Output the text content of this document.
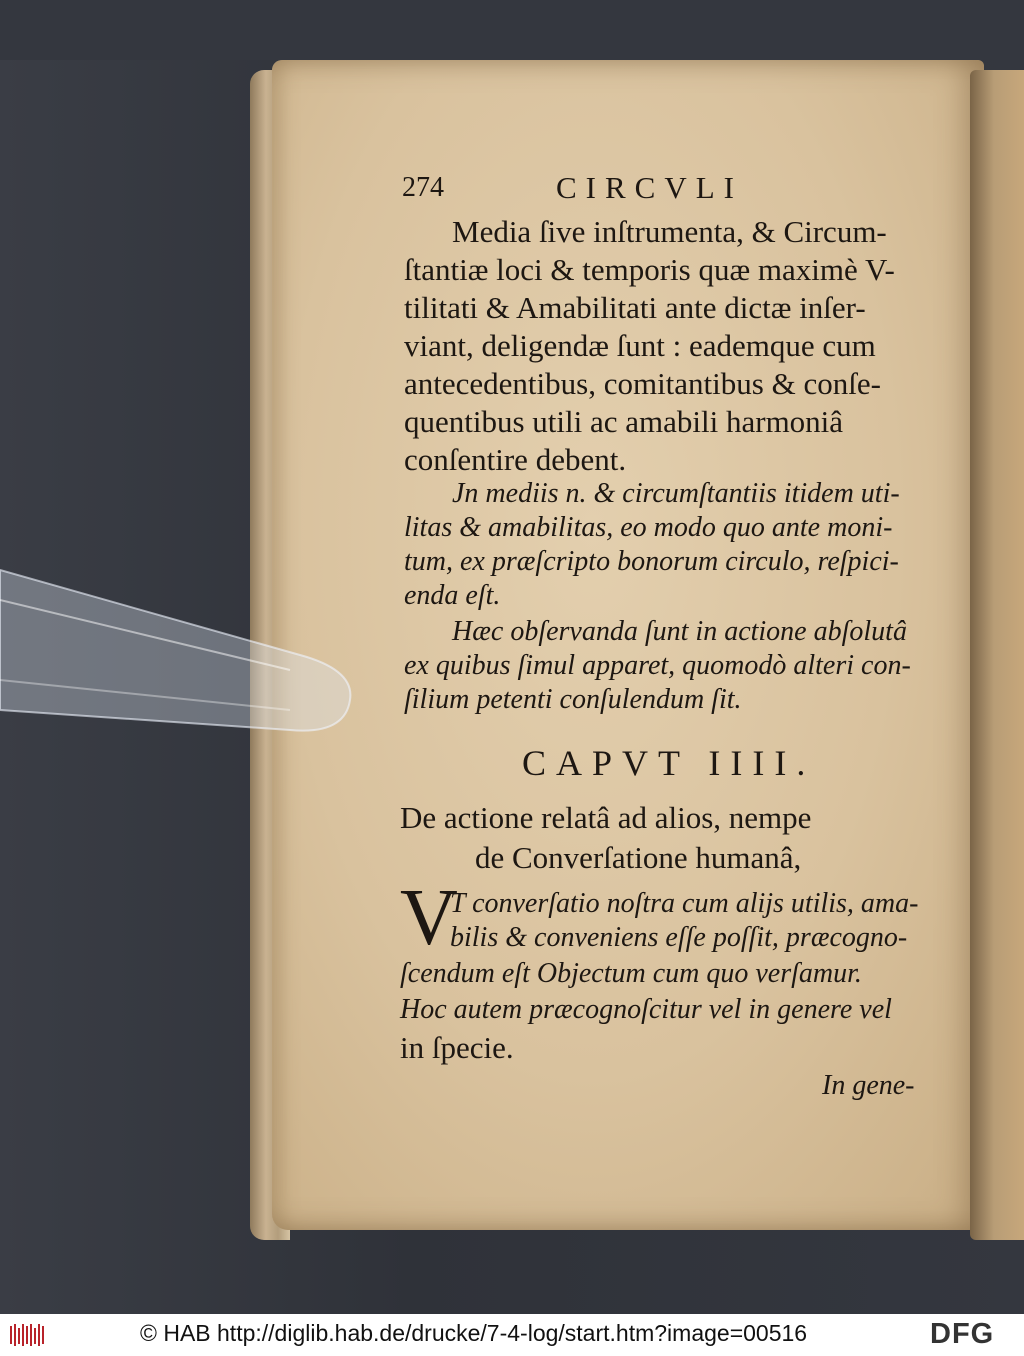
274	CIRCVLI
Media ſive inſtrumenta, & Circum-
ſtantiæ loci & temporis quæ maximè V-
tilitati & Amabilitati ante dictæ inſer-
viant, deligendæ ſunt : eademque cum
antecedentibus, comitantibus & conſe-
quentibus utili ac amabili harmoniâ
conſentire debent.
Jn mediis n. & circumſtantiis itidem uti-
litas & amabilitas, eo modo quo ante moni-
tum, ex præſcripto bonorum circulo, reſpici-
enda eſt.
Hæc obſervanda ſunt in actione abſolutâ
ex quibus ſimul apparet, quomodò alteri con-
ſilium petenti conſulendum ſit.
CAPVT IIII.
De actione relatâ ad alios, nempe
de Converſatione humanâ,
V
T converſatio noſtra cum aliјs utilis, ama-
bilis & conveniens eſſe poſſit, præcogno-
ſcendum eſt Objectum cum quo verſamur.
Hoc autem præcognoſcitur vel in genere vel
in ſpecie.
In gene-
© HAB http://diglib.hab.de/drucke/7-4-log/start.htm?image=00516	DFG
